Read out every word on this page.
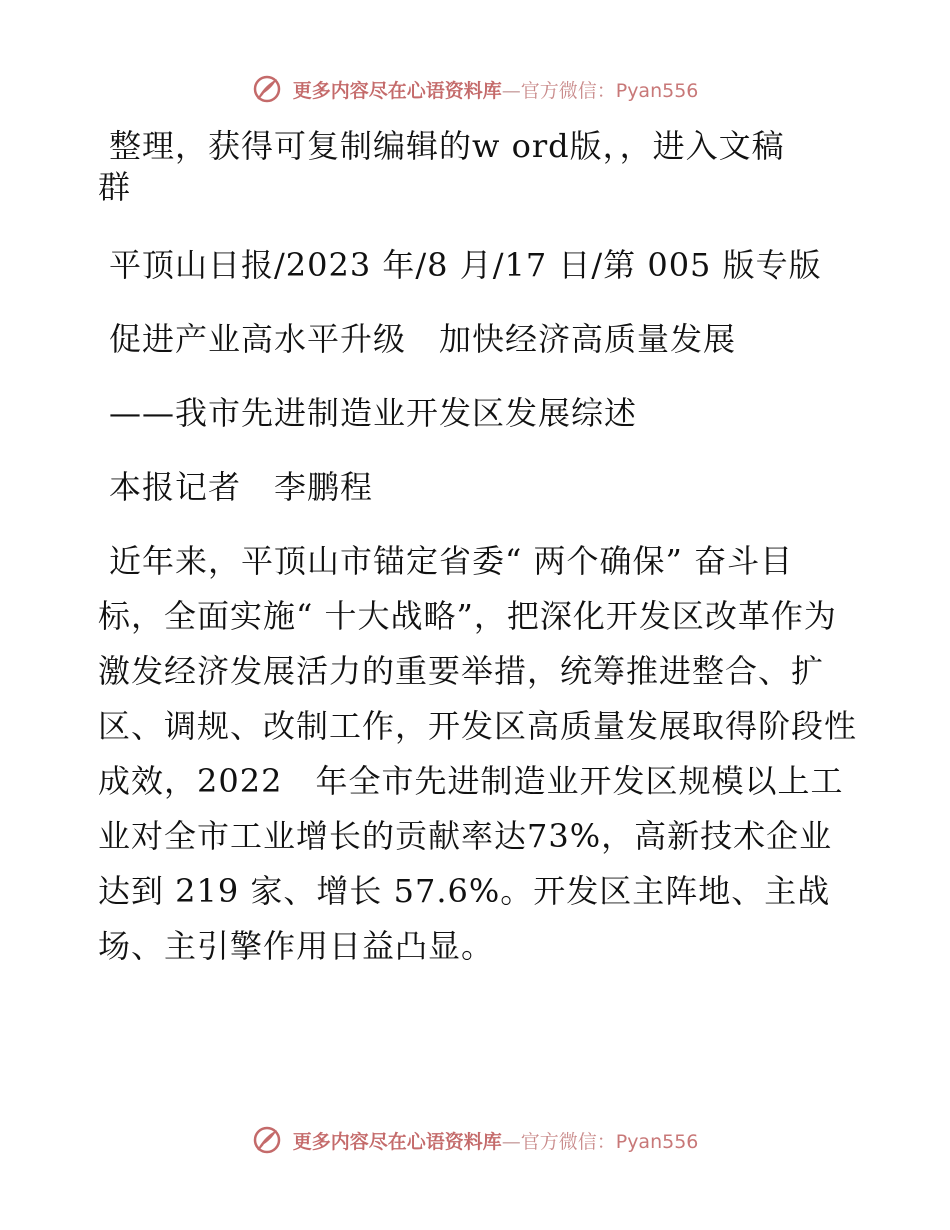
更多内容尽在心语资料库—官方微信：Pyan556

整理，获得可复制编辑的w ord版，，进入文稿

群

平顶山日报/2023 年/8 月/17 日/第 005 版专版

促进产业高水平升级　加快经济高质量发展

——我市先进制造业开发区发展综述

本报记者　李鹏程

近年来，平顶山市锚定省委“ 两个确保” 奋斗目标，全面实施“ 十大战略”，把深化开发区改革作为激发经济发展活力的重要举措，统筹推进整合、扩区、调规、改制工作，开发区高质量发展取得阶段性成效，2022　年全市先进制造业开发区规模以上工业对全市工业增长的贡献率达73%，高新技术企业达到 219 家、增长 57.6%。开发区主阵地、主战场、主引擎作用日益凸显。

更多内容尽在心语资料库—官方微信：Pyan556
